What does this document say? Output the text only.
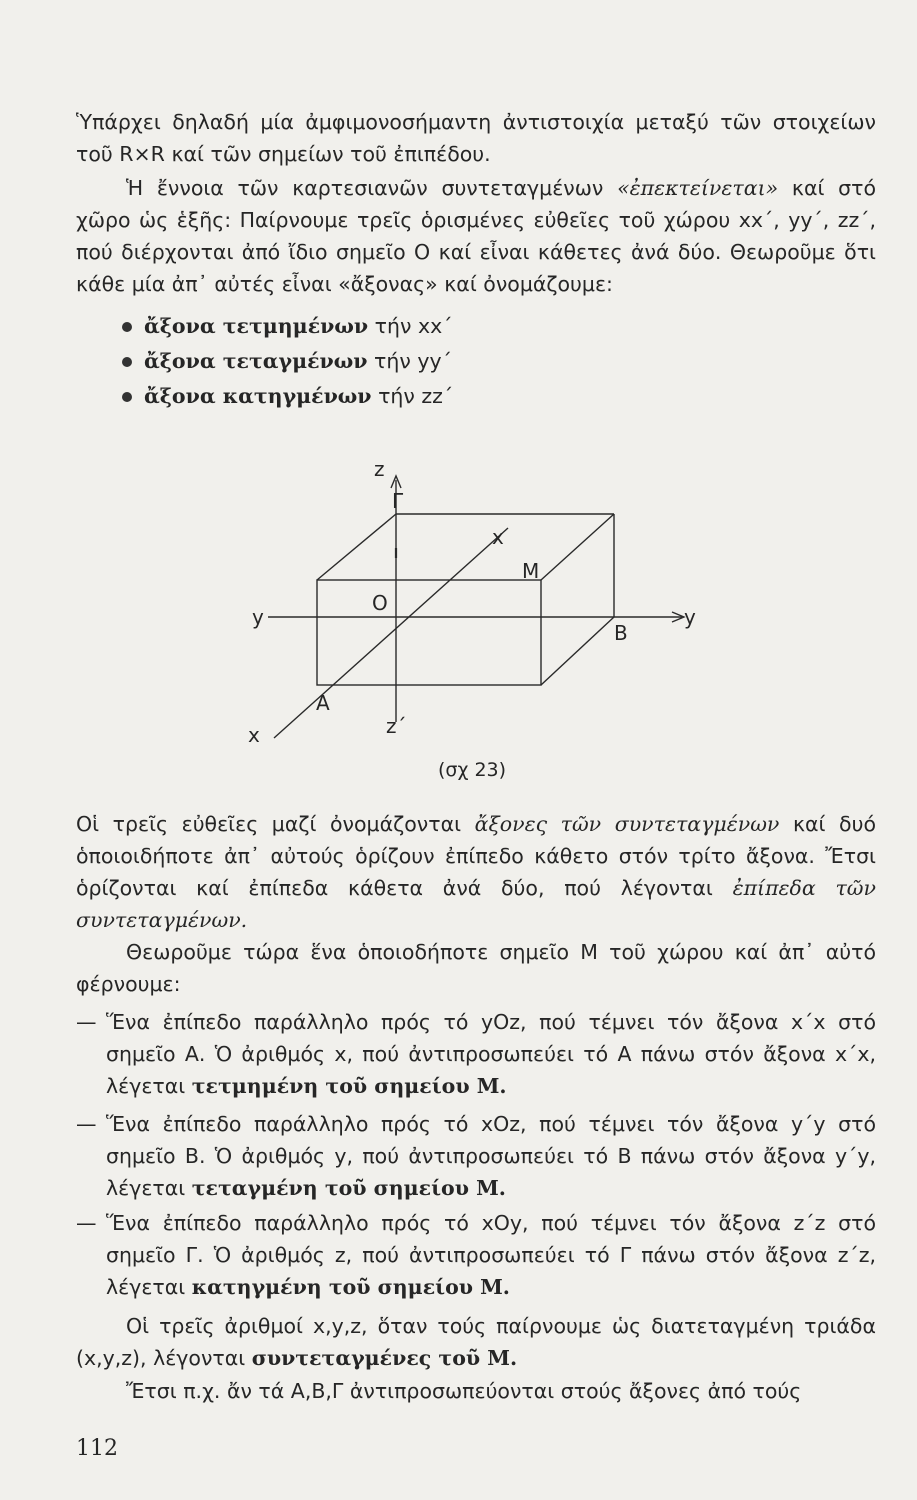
Ὑπάρχει δηλαδή μία ἀμφιμονοσήμαντη ἀντιστοιχία μεταξύ τῶν στοιχείων τοῦ R×R καί τῶν σημείων τοῦ ἐπιπέδου.

Ἡ ἔννοια τῶν καρτεσιανῶν συντεταγμένων «ἐπεκτείνεται» καί στό χῶρο ὡς ἑξῆς: Παίρνουμε τρεῖς ὁρισμένες εὐθεῖες τοῦ χώρου xx΄, yy΄, zz΄, πού διέρχονται ἀπό ἴδιο σημεῖο Ο καί εἶναι κάθετες ἀνά δύο. Θεωροῦμε ὅτι κάθε μία ἀπ᾿ αὐτές εἶναι «ἄξονας» καί ὀνομάζουμε:

ἄξονα τετμημένων τήν xx΄
ἄξονα τεταγμένων τήν yy΄
ἄξονα κατηγμένων τήν zz΄
z
Γ
x
M
O
y	y
B
A
z΄
x
(σχ 23)

Οἱ τρεῖς εὐθεῖες μαζί ὀνομάζονται ἄξονες τῶν συντεταγμένων καί δυό ὁποιοιδήποτε ἀπ᾿ αὐτούς ὁρίζουν ἐπίπεδο κάθετο στόν τρίτο ἄξονα. Ἔτσι ὁρίζονται καί ἐπίπεδα κάθετα ἀνά δύο, πού λέγονται ἐπίπεδα τῶν συντεταγμένων.

Θεωροῦμε τώρα ἕνα ὁποιοδήποτε σημεῖο Μ τοῦ χώρου καί ἀπ᾿ αὐτό φέρνουμε:

— Ἕνα ἐπίπεδο παράλληλο πρός τό yOz, πού τέμνει τόν ἄξονα x΄x στό σημεῖο Α. Ὁ ἀριθμός x, πού ἀντιπροσωπεύει τό Α πάνω στόν ἄξονα x΄x, λέγεται τετμημένη τοῦ σημείου Μ.
— Ἕνα ἐπίπεδο παράλληλο πρός τό xOz, πού τέμνει τόν ἄξονα y΄y στό σημεῖο Β. Ὁ ἀριθμός y, πού ἀντιπροσωπεύει τό Β πάνω στόν ἄξονα y΄y, λέγεται τεταγμένη τοῦ σημείου Μ.
— Ἕνα ἐπίπεδο παράλληλο πρός τό xOy, πού τέμνει τόν ἄξονα z΄z στό σημεῖο Γ. Ὁ ἀριθμός z, πού ἀντιπροσωπεύει τό Γ πάνω στόν ἄξονα z΄z, λέγεται κατηγμένη τοῦ σημείου Μ.

Οἱ τρεῖς ἀριθμοί x,y,z, ὅταν τούς παίρνουμε ὡς διατεταγμένη τριάδα (x,y,z), λέγονται συντεταγμένες τοῦ Μ.

Ἔτσι π.χ. ἄν τά Α,Β,Γ ἀντιπροσωπεύονται στούς ἄξονες ἀπό τούς

112
